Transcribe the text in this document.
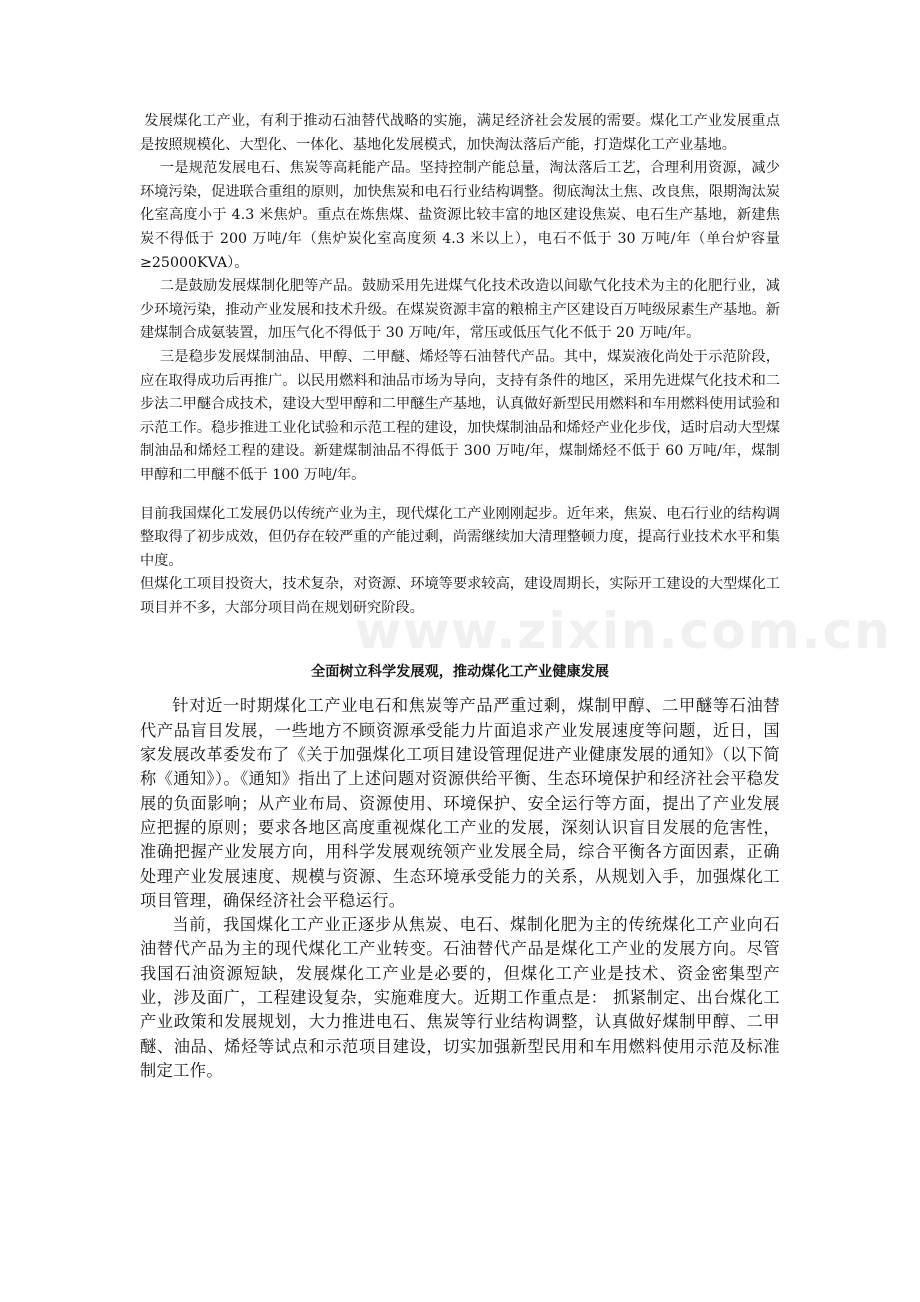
www.zixin.com.cn

发展煤化工产业，有利于推动石油替代战略的实施，满足经济社会发展的需要。煤化工产业发展重点是按照规模化、大型化、一体化、基地化发展模式，加快淘汰落后产能，打造煤化工产业基地。

一是规范发展电石、焦炭等高耗能产品。坚持控制产能总量，淘汰落后工艺，合理利用资源，减少环境污染，促进联合重组的原则，加快焦炭和电石行业结构调整。彻底淘汰土焦、改良焦，限期淘汰炭化室高度小于 4.3 米焦炉。重点在炼焦煤、盐资源比较丰富的地区建设焦炭、电石生产基地，新建焦炭不得低于 200 万吨/年（焦炉炭化室高度须 4.3 米以上），电石不低于 30 万吨/年（单台炉容量≥25000KVA）。

二是鼓励发展煤制化肥等产品。鼓励采用先进煤气化技术改造以间歇气化技术为主的化肥行业，减少环境污染，推动产业发展和技术升级。在煤炭资源丰富的粮棉主产区建设百万吨级尿素生产基地。新建煤制合成氨装置，加压气化不得低于 30 万吨/年，常压或低压气化不低于 20 万吨/年。

三是稳步发展煤制油品、甲醇、二甲醚、烯烃等石油替代产品。其中，煤炭液化尚处于示范阶段，应在取得成功后再推广。以民用燃料和油品市场为导向，支持有条件的地区，采用先进煤气化技术和二步法二甲醚合成技术，建设大型甲醇和二甲醚生产基地，认真做好新型民用燃料和车用燃料使用试验和示范工作。稳步推进工业化试验和示范工程的建设，加快煤制油品和烯烃产业化步伐，适时启动大型煤制油品和烯烃工程的建设。新建煤制油品不得低于 300 万吨/年，煤制烯烃不低于 60 万吨/年，煤制甲醇和二甲醚不低于 100 万吨/年。

目前我国煤化工发展仍以传统产业为主，现代煤化工产业刚刚起步。近年来，焦炭、电石行业的结构调整取得了初步成效，但仍存在较严重的产能过剩，尚需继续加大清理整顿力度，提高行业技术水平和集中度。

但煤化工项目投资大，技术复杂，对资源、环境等要求较高，建设周期长，实际开工建设的大型煤化工项目并不多，大部分项目尚在规划研究阶段。

全面树立科学发展观，推动煤化工产业健康发展

针对近一时期煤化工产业电石和焦炭等产品严重过剩，煤制甲醇、二甲醚等石油替代产品盲目发展，一些地方不顾资源承受能力片面追求产业发展速度等问题，近日，国家发展改革委发布了《关于加强煤化工项目建设管理促进产业健康发展的通知》（以下简称《通知》）。《通知》指出了上述问题对资源供给平衡、生态环境保护和经济社会平稳发展的负面影响；从产业布局、资源使用、环境保护、安全运行等方面，提出了产业发展应把握的原则；要求各地区高度重视煤化工产业的发展，深刻认识盲目发展的危害性，准确把握产业发展方向，用科学发展观统领产业发展全局，综合平衡各方面因素，正确处理产业发展速度、规模与资源、生态环境承受能力的关系，从规划入手，加强煤化工项目管理，确保经济社会平稳运行。

当前，我国煤化工产业正逐步从焦炭、电石、煤制化肥为主的传统煤化工产业向石油替代产品为主的现代煤化工产业转变。石油替代产品是煤化工产业的发展方向。尽管我国石油资源短缺，发展煤化工产业是必要的，但煤化工产业是技术、资金密集型产业，涉及面广，工程建设复杂，实施难度大。近期工作重点是： 抓紧制定、出台煤化工产业政策和发展规划，大力推进电石、焦炭等行业结构调整，认真做好煤制甲醇、二甲醚、油品、烯烃等试点和示范项目建设，切实加强新型民用和车用燃料使用示范及标准制定工作。
